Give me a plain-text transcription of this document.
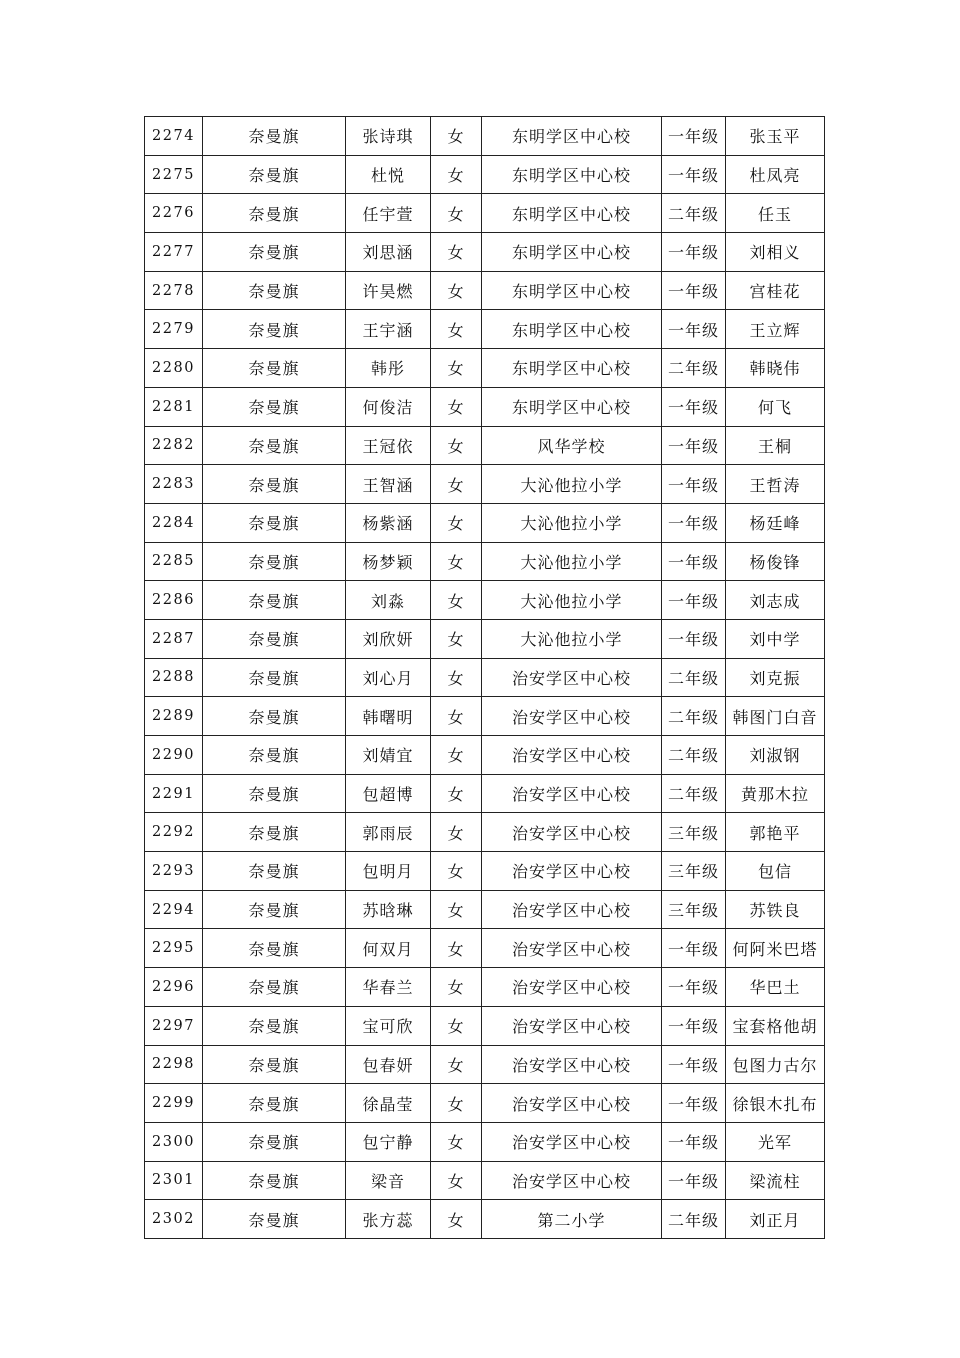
2274	奈曼旗	张诗琪	女	东明学区中心校	一年级	张玉平
2275	奈曼旗	杜悦	女	东明学区中心校	一年级	杜凤亮
2276	奈曼旗	任宇萱	女	东明学区中心校	二年级	任玉
2277	奈曼旗	刘思涵	女	东明学区中心校	一年级	刘相义
2278	奈曼旗	许昊燃	女	东明学区中心校	一年级	宫桂花
2279	奈曼旗	王宇涵	女	东明学区中心校	一年级	王立辉
2280	奈曼旗	韩彤	女	东明学区中心校	二年级	韩晓伟
2281	奈曼旗	何俊洁	女	东明学区中心校	一年级	何飞
2282	奈曼旗	王冠依	女	风华学校	一年级	王桐
2283	奈曼旗	王智涵	女	大沁他拉小学	一年级	王哲涛
2284	奈曼旗	杨紫涵	女	大沁他拉小学	一年级	杨廷峰
2285	奈曼旗	杨梦颖	女	大沁他拉小学	一年级	杨俊锋
2286	奈曼旗	刘淼	女	大沁他拉小学	一年级	刘志成
2287	奈曼旗	刘欣妍	女	大沁他拉小学	一年级	刘中学
2288	奈曼旗	刘心月	女	治安学区中心校	二年级	刘克振
2289	奈曼旗	韩曙明	女	治安学区中心校	二年级	韩图门白音
2290	奈曼旗	刘婧宜	女	治安学区中心校	二年级	刘淑钢
2291	奈曼旗	包超博	女	治安学区中心校	二年级	黄那木拉
2292	奈曼旗	郭雨辰	女	治安学区中心校	三年级	郭艳平
2293	奈曼旗	包明月	女	治安学区中心校	三年级	包信
2294	奈曼旗	苏晗琳	女	治安学区中心校	三年级	苏铁良
2295	奈曼旗	何双月	女	治安学区中心校	一年级	何阿米巴塔
2296	奈曼旗	华春兰	女	治安学区中心校	一年级	华巴土
2297	奈曼旗	宝可欣	女	治安学区中心校	一年级	宝套格他胡
2298	奈曼旗	包春妍	女	治安学区中心校	一年级	包图力古尔
2299	奈曼旗	徐晶莹	女	治安学区中心校	一年级	徐银木扎布
2300	奈曼旗	包宁静	女	治安学区中心校	一年级	光军
2301	奈曼旗	梁音	女	治安学区中心校	一年级	梁流柱
2302	奈曼旗	张方蕊	女	第二小学	二年级	刘正月
